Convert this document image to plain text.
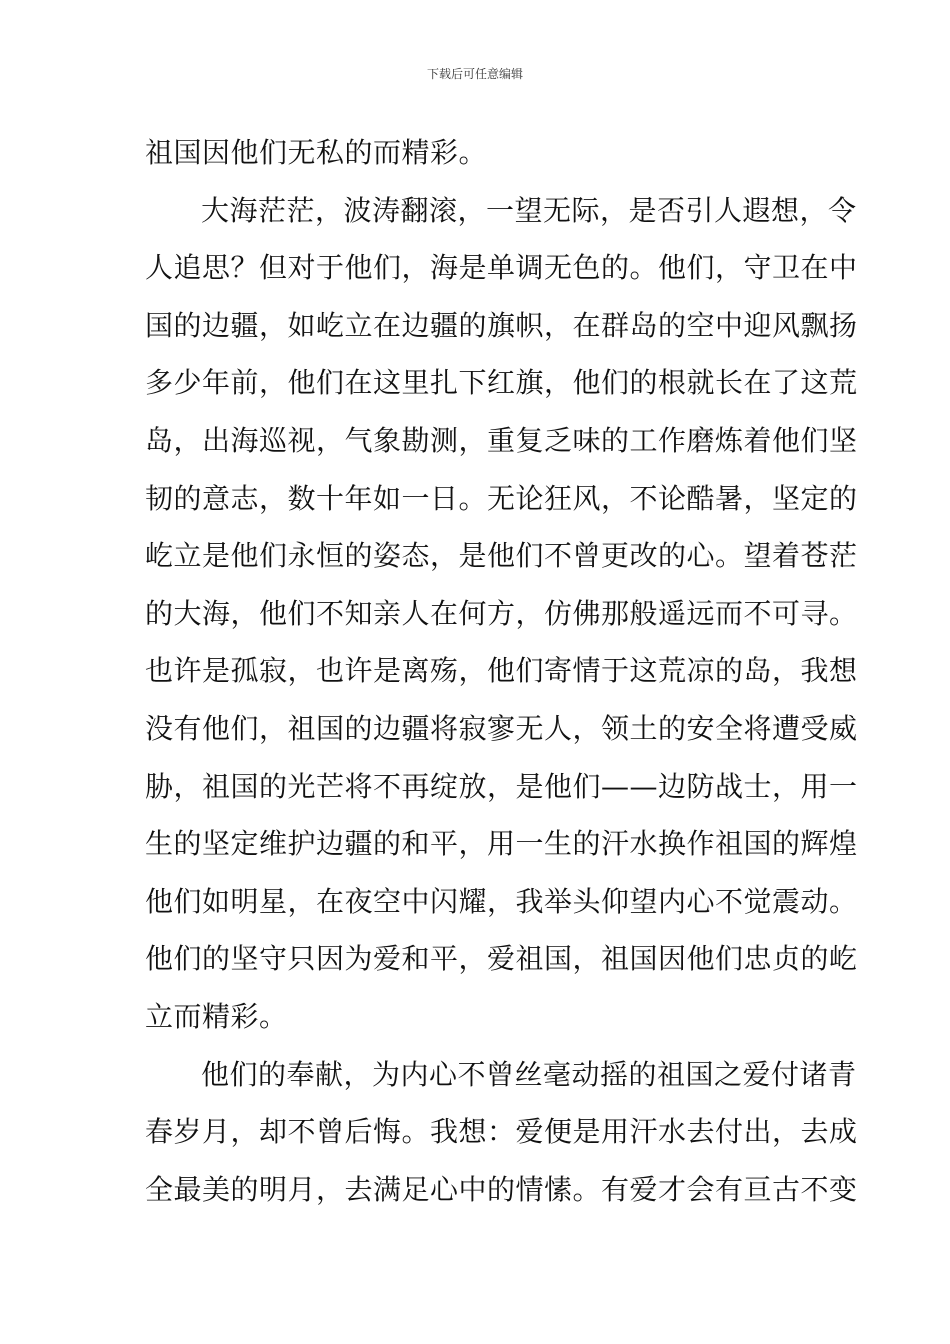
下载后可任意编辑
祖国因他们无私的而精彩。
大海茫茫，波涛翻滚，一望无际，是否引人遐想，令
人追思？但对于他们，海是单调无色的。他们，守卫在中
国的边疆，如屹立在边疆的旗帜，在群岛的空中迎风飘扬
多少年前，他们在这里扎下红旗，他们的根就长在了这荒
岛，出海巡视，气象勘测，重复乏味的工作磨炼着他们坚
韧的意志，数十年如一日。无论狂风，不论酷暑，坚定的
屹立是他们永恒的姿态，是他们不曾更改的心。望着苍茫
的大海，他们不知亲人在何方，仿佛那般遥远而不可寻。
也许是孤寂，也许是离殇，他们寄情于这荒凉的岛，我想
没有他们，祖国的边疆将寂寥无人，领土的安全将遭受威
胁，祖国的光芒将不再绽放，是他们——边防战士，用一
生的坚定维护边疆的和平，用一生的汗水换作祖国的辉煌
他们如明星，在夜空中闪耀，我举头仰望内心不觉震动。
他们的坚守只因为爱和平，爱祖国，祖国因他们忠贞的屹
立而精彩。
他们的奉献，为内心不曾丝毫动摇的祖国之爱付诸青
春岁月，却不曾后悔。我想：爱便是用汗水去付出，去成
全最美的明月，去满足心中的情愫。有爱才会有亘古不变
